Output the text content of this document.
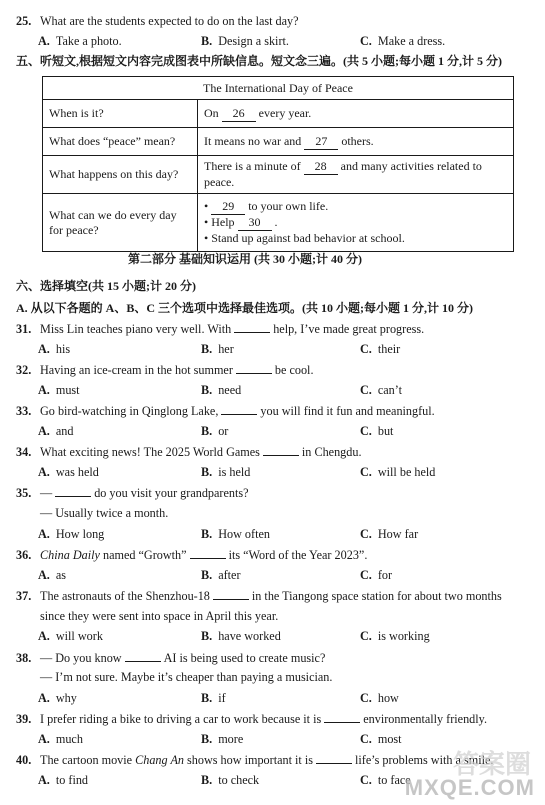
25. What are the students expected to do on the last day?
A. Take a photo.	B. Design a skirt.	C. Make a dress.
五、听短文,根据短文内容完成图表中所缺信息。短文念三遍。(共 5 小题;每小题 1 分,计 5 分)
The International Day of Peace	
When is it?	On 26 every year.
What does “peace” mean?	It means no war and 27 others.
What happens on this day?	There is a minute of 28 and many activities related to
peace.
What can we do every day for peace?	• 29 to your own life.
• Help 30 .
• Stand up against bad behavior at school.
第二部分 基础知识运用 (共 30 小题;计 40 分)
六、选择填空(共 15 小题;计 20 分)
A. 从以下各题的 A、B、C 三个选项中选择最佳选项。(共 10 小题;每小题 1 分,计 10 分)
31. Miss Lin teaches piano very well. With	help, I’ve made great progress.
A. his	B. her	C. their
32. Having an ice-cream in the hot summer	be cool.
A. must	B. need	C. can’t
33. Go bird-watching in Qinglong Lake,	you will find it fun and meaningful.
A. and	B. or	C. but
34. What exciting news! The 2025 World Games	in Chengdu.
A. was held	B. is held	C. will be held
35. —	do you visit your grandparents?
— Usually twice a month.
A. How long	B. How often	C. How far
36. China Daily named “Growth”	its “Word of the Year 2023”.
A. as	B. after	C. for
37. The astronauts of the Shenzhou-18	in the Tiangong space station for about two months
since they were sent into space in April this year.
A. will work	B. have worked	C. is working
38. — Do you know	AI is being used to create music?
— I’m not sure. Maybe it’s cheaper than paying a musician.
A. why	B. if	C. how
39. I prefer riding a bike to driving a car to work because it is	environmentally friendly.
A. much	B. more	C. most
40. The cartoon movie Chang An shows how important it is	life’s problems with a smile.
A. to find	B. to check	C. to face 答案圈
MXQE.COM
